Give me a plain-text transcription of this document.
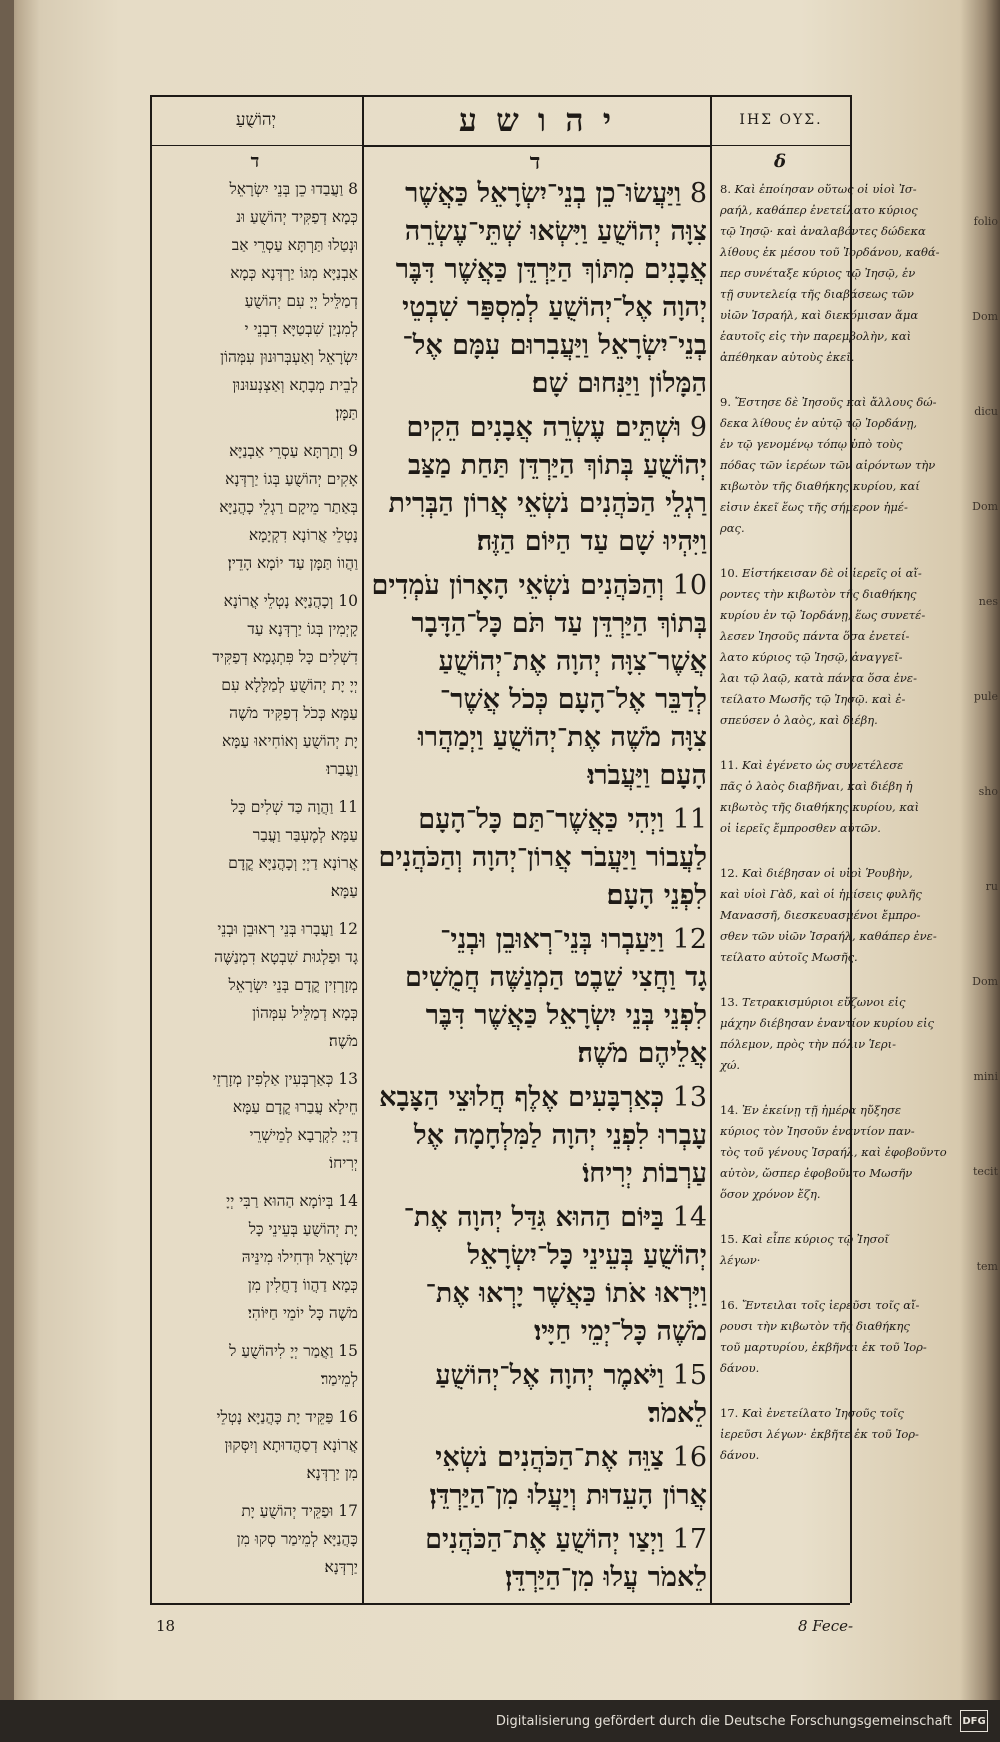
יְהוֹשֻׁעַ	י ה ו ש ע	ΙΗΣ ΟΥΣ.
ד	ד	δ
8 וַעֲבַדוּ כֵן בְּנֵי יִשְׂרָאֵל
כְּמָא דְפַקִּיד יְהוֹשֻׁעַ וּנ
וּנְטַלוּ תַּרְתָּא עַסְרֵי אַב
אַבְנַיָּא מִגּוֹ יַרְדְּנָא כְּמָא
דְמַלֵּיל יְיָ עִם יְהוֹשֻׁעַ
לְמִנְיַן שִׁבְטַיָּא דִבְנֵי י
יִשְׂרָאֵל וְאַעְבְּרוּנוּן עִמְּהוֹן
לְבֵית מְבָתָא וְאַצְנְעוּנוּן
תַּמָּן׃
9 וְתַרְתָּא עַסְרֵי אַבְנַיָּא
אָקִים יְהוֹשֻׁעַ בְּגוֹ יַרְדְּנָא
בְּאַתַר מֵיקָם רַגְלֵי כָהֲנַיָּא
נָטְלֵי אֲרוֹנָא דִקְיָמָא
וַהֲווֹ תַּמָּן עַד יוֹמָא הָדֵין׃
10 וְכָהֲנַיָּא נָטְלֵי אֲרוֹנָא
קָיְמִין בְּגוֹ יַרְדְּנָא עַד
דִשְׁלִים כָּל פִּתְגָמָא דְפַקִּיד
יְיָ יָת יְהוֹשֻׁעַ לְמַלָּלָא עִם
עַמָּא כְּכֹל דְפַקִּיד מֹשֶׁה
יָת יְהוֹשֻׁעַ וְאוֹחִיאוּ עַמָּא
וַעֲבַרוּ׃
11 וַהֲוָה כַּד שְׁלִים כָּל
עַמָּא לְמֶעְבַּר וַעֲבַר
אֲרוֹנָא דַיְיָ וְכָהֲנַיָּא קֳדָם
עַמָּא׃
12 וַעֲבָרוּ בְּנֵי רְאוּבֵן וּבְנֵי
גָד וּפַלְגוּת שִׁבְטָא דִמְנַשֶּׁה
מְזָרְזִין קֳדָם בְּנֵי יִשְׂרָאֵל
כְּמָא דְמַלֵּיל עִמְּהוֹן
מֹשֶׁה׃
13 כְּאַרְבְּעִין אַלְפִין מְזָרְזֵי
חֵילָא עֲבַרוּ קֳדָם עַמָּא
דַיְיָ לִקְרָבָא לְמֵישְׁרֵי
יְרִיחוֹ׃
14 בְּיוֹמָא הַהוּא רַבִּי יְיָ
יָת יְהוֹשֻׁעַ בְּעֵינֵי כָּל
יִשְׂרָאֵל וּדְחִילוּ מִינֵּיהּ
כְּמָא דַהֲווֹ דָחֲלִין מִן
מֹשֶׁה כָּל יוֹמֵי חַיּוֹהִי׃
15 וַאֲמַר יְיָ לִיהוֹשֻׁעַ ל
לְמֵימַר׃
16 פַּקֵּיד יָת כָּהֲנַיָּא נָטְלֵי
אֲרוֹנָא דְסַהֲדוּתָא וְיִסְּקוּן
מִן יַרְדְּנָא׃
17 וּפַקֵּיד יְהוֹשֻׁעַ יָת
כָּהֲנַיָּא לְמֵימַר סְקוּ מִן
יַרְדְּנָא׃
8 וַיַּעֲשׂוּ־כֵן בְנֵי־יִשְׂרָאֵל כַּאֲשֶׁר
צִוָּה יְהוֹשֻׁעַ וַיִּשְׂאוּ שְׁתֵּי־עֶשְׂרֵה
אֲבָנִים מִתּוֹךְ הַיַּרְדֵּן כַּאֲשֶׁר דִּבֶּר
יְהוָה אֶל־יְהוֹשֻׁעַ לְמִסְפַּר שִׁבְטֵי
בְנֵי־יִשְׂרָאֵל וַיַּעֲבִרוּם עִמָּם אֶל־
הַמָּלוֹן וַיַּנִּחוּם שָׁם׃
9 וּשְׁתֵּים עֶשְׂרֵה אֲבָנִים הֵקִים
יְהוֹשֻׁעַ בְּתוֹךְ הַיַּרְדֵּן תַּחַת מַצַּב
רַגְלֵי הַכֹּהֲנִים נֹשְׂאֵי אֲרוֹן הַבְּרִית
וַיִּהְיוּ שָׁם עַד הַיּוֹם הַזֶּה׃
10 וְהַכֹּהֲנִים נֹשְׂאֵי הָאָרוֹן עֹמְדִים
בְּתוֹךְ הַיַּרְדֵּן עַד תֹּם כָּל־הַדָּבָר
אֲשֶׁר־צִוָּה יְהוָה אֶת־יְהוֹשֻׁעַ
לְדַבֵּר אֶל־הָעָם כְּכֹל אֲשֶׁר־
צִוָּה מֹשֶׁה אֶת־יְהוֹשֻׁעַ וַיְמַהֲרוּ
הָעָם וַיַּעֲבֹרוּ׃
11 וַיְהִי כַּאֲשֶׁר־תַּם כָּל־הָעָם
לַעֲבוֹר וַיַּעֲבֹר אֲרוֹן־יְהוָה וְהַכֹּהֲנִים
לִפְנֵי הָעָם׃
12 וַיַּעַבְרוּ בְּנֵי־רְאוּבֵן וּבְנֵי־
גָד וַחֲצִי שֵׁבֶט הַמְנַשֶּׁה חֲמֻשִׁים
לִפְנֵי בְּנֵי יִשְׂרָאֵל כַּאֲשֶׁר דִּבֶּר
אֲלֵיהֶם מֹשֶׁה׃
13 כְּאַרְבָּעִים אֶלֶף חֲלוּצֵי הַצָּבָא
עָבְרוּ לִפְנֵי יְהוָה לַמִּלְחָמָה אֶל
עַרְבוֹת יְרִיחוֹ׃
14 בַּיּוֹם הַהוּא גִּדַּל יְהוָה אֶת־
יְהוֹשֻׁעַ בְּעֵינֵי כָּל־יִשְׂרָאֵל
וַיִּרְאוּ אֹתוֹ כַּאֲשֶׁר יָרְאוּ אֶת־
מֹשֶׁה כָּל־יְמֵי חַיָּיו׃
15 וַיֹּאמֶר יְהוָה אֶל־יְהוֹשֻׁעַ
לֵאמֹר׃
16 צַוֵּה אֶת־הַכֹּהֲנִים נֹשְׂאֵי
אֲרוֹן הָעֵדוּת וְיַעֲלוּ מִן־הַיַּרְדֵּן׃
17 וַיְצַו יְהוֹשֻׁעַ אֶת־הַכֹּהֲנִים
לֵאמֹר עֲלוּ מִן־הַיַּרְדֵּן׃
8. Καὶ ἐποίησαν οὕτως οἱ υἱοὶ Ἰσ-
ραήλ, καθάπερ ἐνετείλατο κύριος
τῷ Ἰησῷ· καὶ ἀναλαβόντες δώδεκα
λίθους ἐκ μέσου τοῦ Ἰορδάνου, καθά-
περ συνέταξε κύριος τῷ Ἰησῷ, ἐν
τῇ συντελείᾳ τῆς διαβάσεως τῶν
υἱῶν Ἰσραήλ, καὶ διεκόμισαν ἅμα
ἑαυτοῖς εἰς τὴν παρεμβολὴν, καὶ
ἀπέθηκαν αὐτοὺς ἐκεῖ.
9. Ἔστησε δὲ Ἰησοῦς καὶ ἄλλους δώ-
δεκα λίθους ἐν αὐτῷ τῷ Ἰορδάνῃ,
ἐν τῷ γενομένῳ τόπῳ ὑπὸ τοὺς
πόδας τῶν ἱερέων τῶν αἰρόντων τὴν
κιβωτὸν τῆς διαθήκης κυρίου, καί
εἰσιν ἐκεῖ ἕως τῆς σήμερον ἡμέ-
ρας.
10. Εἱστήκεισαν δὲ οἱ ἱερεῖς οἱ αἴ-
ροντες τὴν κιβωτὸν τῆς διαθήκης
κυρίου ἐν τῷ Ἰορδάνῃ, ἕως συνετέ-
λεσεν Ἰησοῦς πάντα ὅσα ἐνετεί-
λατο κύριος τῷ Ἰησῷ, ἀναγγεῖ-
λαι τῷ λαῷ, κατὰ πάντα ὅσα ἐνε-
τείλατο Μωσῆς τῷ Ἰησῷ. καὶ ἐ-
σπεύσεν ὁ λαὸς, καὶ διέβη.
11. Καὶ ἐγένετο ὡς συνετέλεσε
πᾶς ὁ λαὸς διαβῆναι, καὶ διέβη ἡ
κιβωτὸς τῆς διαθήκης κυρίου, καὶ
οἱ ἱερεῖς ἔμπροσθεν αὐτῶν.
12. Καὶ διέβησαν οἱ υἱοὶ Ῥουβὴν,
καὶ υἱοὶ Γὰδ, καὶ οἱ ἡμίσεις φυλῆς
Μανασσῆ, διεσκευασμένοι ἔμπρο-
σθεν τῶν υἱῶν Ἰσραήλ, καθάπερ ἐνε-
τείλατο αὐτοῖς Μωσῆς.
13. Τετρακισμύριοι εὔζωνοι εἰς
μάχην διέβησαν ἐναντίον κυρίου εἰς
πόλεμον, πρὸς τὴν πόλιν Ἱερι-
χώ.
14. Ἐν ἐκείνῃ τῇ ἡμέρᾳ ηὔξησε
κύριος τὸν Ἰησοῦν ἐναντίον παν-
τὸς τοῦ γένους Ἰσραήλ, καὶ ἐφοβοῦντο
αὐτὸν, ὥσπερ ἐφοβοῦντο Μωσῆν
ὅσον χρόνον ἔζη.
15. Καὶ εἶπε κύριος τῷ Ἰησοῖ
λέγων·
16. Ἔντειλαι τοῖς ἱερεῦσι τοῖς αἴ-
ρουσι τὴν κιβωτὸν τῆς διαθήκης
τοῦ μαρτυρίου, ἐκβῆναι ἐκ τοῦ Ἰορ-
δάνου.
17. Καὶ ἐνετείλατο Ἰησοῦς τοῖς
ἱερεῦσι λέγων· ἐκβῆτε ἐκ τοῦ Ἰορ-
δάνου.
18	8 Fece-
folio
Dom
dicu
Dom
nes
pule
sho
ru
Dom
mini
tecit
tem
Digitalisierung gefördert durch die Deutsche Forschungsgemeinschaft DFG
